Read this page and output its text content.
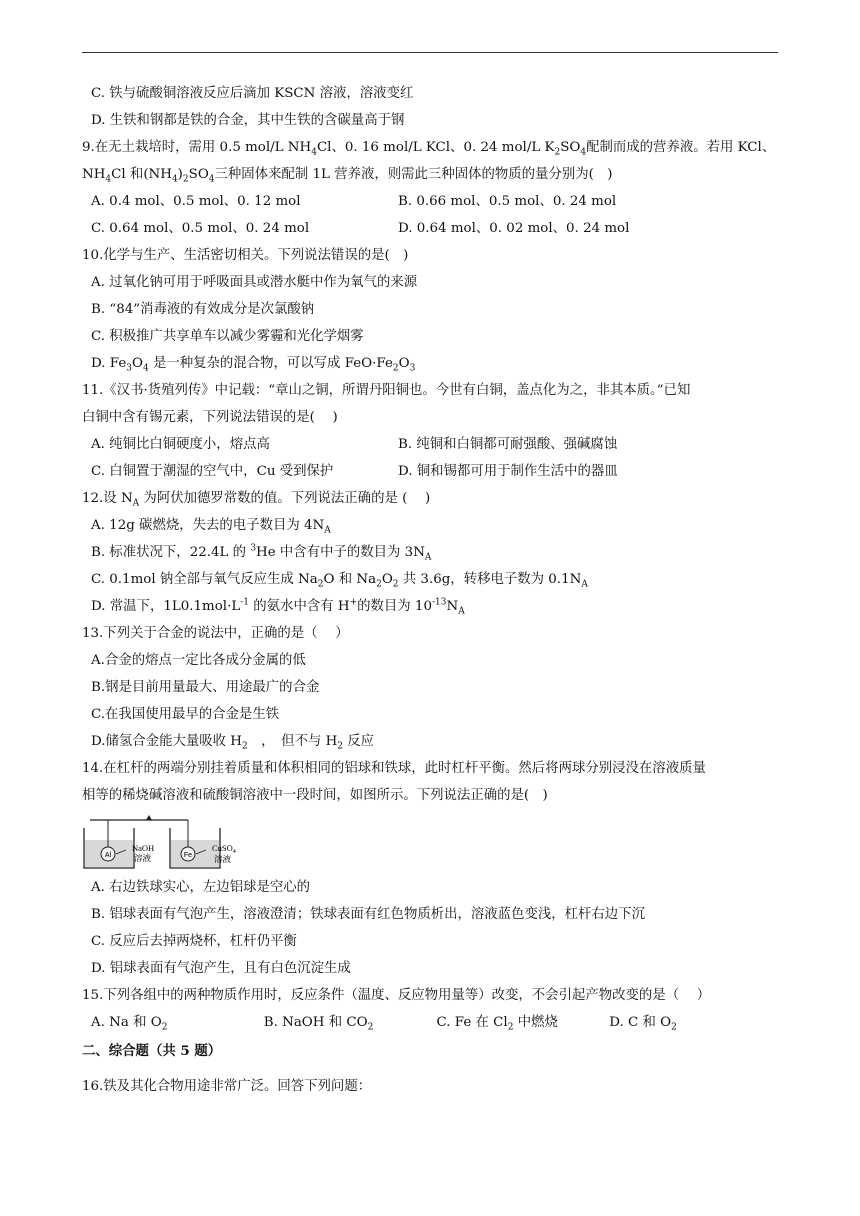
C. 铁与硫酸铜溶液反应后滴加 KSCN 溶液，溶液变红
D. 生铁和钢都是铁的合金，其中生铁的含碳量高于钢
9.在无土栽培时，需用 0.5 mol/L $NH_4Cl$、0. 16 mol/L KCl、0. 24 mol/L $K_2SO_4$配制而成的营养液。若用 KCl、
$NH_4Cl$ 和$(NH_4)_2SO_4$三种固体来配制 1L 营养液，则需此三种固体的物质的量分别为(　)
A. 0.4 mol、0.5 mol、0. 12 mol	B. 0.66 mol、0.5 mol、0. 24 mol
C. 0.64 mol、0.5 mol、0. 24 mol	D. 0.64 mol、0. 02 mol、0. 24 mol
10.化学与生产、生活密切相关。下列说法错误的是(　)
A. 过氧化钠可用于呼吸面具或潜水艇中作为氧气的来源
B. “84”消毒液的有效成分是次氯酸钠
C. 积极推广共享单车以减少雾霾和光化学烟雾
D. $Fe_3O_4$ 是一种复杂的混合物，可以写成 $FeO\cdot Fe_2O_3$
11.《汉书·货殖列传》中记载：“章山之铜，所谓丹阳铜也。今世有白铜，盖点化为之，非其本质。”已知
白铜中含有锡元素，下列说法错误的是(　 )
A. 纯铜比白铜硬度小，熔点高	B. 纯铜和白铜都可耐强酸、强碱腐蚀
C. 白铜置于潮湿的空气中，Cu 受到保护	D. 铜和锡都可用于制作生活中的器皿
12.设 $N_A$ 为阿伏加德罗常数的值。下列说法正确的是 (　 )
A. 12g 碳燃烧，失去的电子数目为 $4N_A$
B. 标准状况下，22.4L 的 $^3$He 中含有中子的数目为 $3N_A$
C. 0.1mol 钠全部与氧气反应生成 $Na_2O$ 和 $Na_2O_2$ 共 3.6g，转移电子数为 $0.1N_A$
D. 常温下，$1L0.1mol\cdot L^{-1}$ 的氨水中含有 H+的数目为 $10^{-13}N_A$
13.下列关于合金的说法中，正确的是（　 ）
A.合金的熔点一定比各成分金属的低
B.钢是目前用量最大、用途最广的合金
C.在我国使用最早的合金是生铁
D.储氢合金能大量吸收 $H_2$　，　但不与 $H_2$ 反应
14.在杠杆的两端分别挂着质量和体积相同的铝球和铁球，此时杠杆平衡。然后将两球分别浸没在溶液质量
相等的稀烧碱溶液和硫酸铜溶液中一段时间，如图所示。下列说法正确的是(　)
Al
NaOH
溶液	Fe
CuSO$_4$
溶液
A. 右边铁球实心，左边铝球是空心的
B. 铝球表面有气泡产生，溶液澄清；铁球表面有红色物质析出，溶液蓝色变浅，杠杆右边下沉
C. 反应后去掉两烧杯，杠杆仍平衡
D. 铝球表面有气泡产生，且有白色沉淀生成
15.下列各组中的两种物质作用时，反应条件（温度、反应物用量等）改变，不会引起产物改变的是（　 ）
A. Na 和 $O_2$	B. NaOH 和 $CO_2$	C. Fe 在 $Cl_2$ 中燃烧	D. C 和 $O_2$
二、综合题（共 5 题）
16.铁及其化合物用途非常广泛。回答下列问题：
